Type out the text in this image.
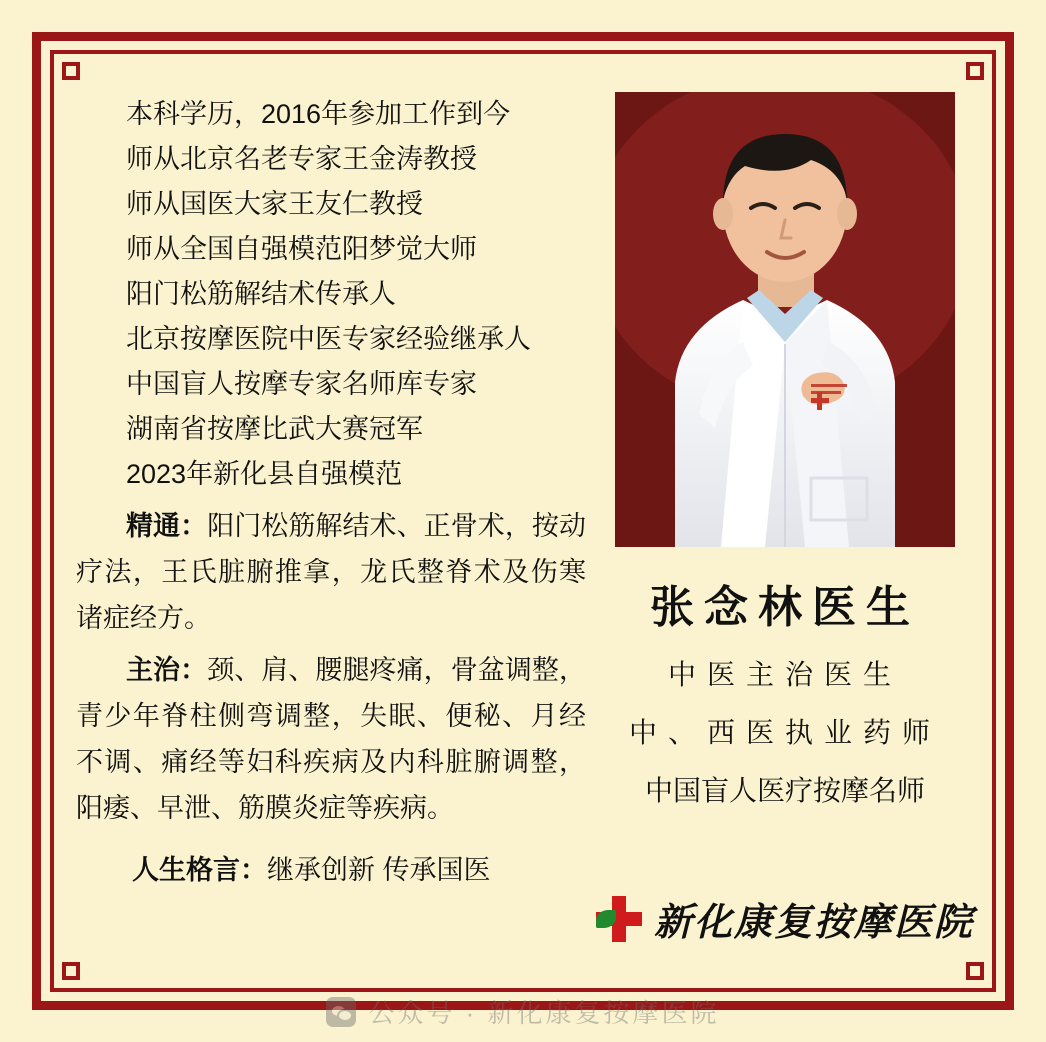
本科学历，2016年参加工作到今
师从北京名老专家王金涛教授
师从国医大家王友仁教授
师从全国自强模范阳梦觉大师
阳门松筋解结术传承人
北京按摩医院中医专家经验继承人
中国盲人按摩专家名师库专家
湖南省按摩比武大赛冠军
2023年新化县自强模范

精通：阳门松筋解结术、正骨术，按动疗法，王氏脏腑推拿，龙氏整脊术及伤寒诸症经方。

主治：颈、肩、腰腿疼痛，骨盆调整，青少年脊柱侧弯调整，失眠、便秘、月经不调、痛经等妇科疾病及内科脏腑调整，阳痿、早泄、筋膜炎症等疾病。

人生格言：继承创新 传承国医

张念林医生
中医主治医生
中、西医执业药师
中国盲人医疗按摩名师
新化康复按摩医院
公众号 · 新化康复按摩医院
